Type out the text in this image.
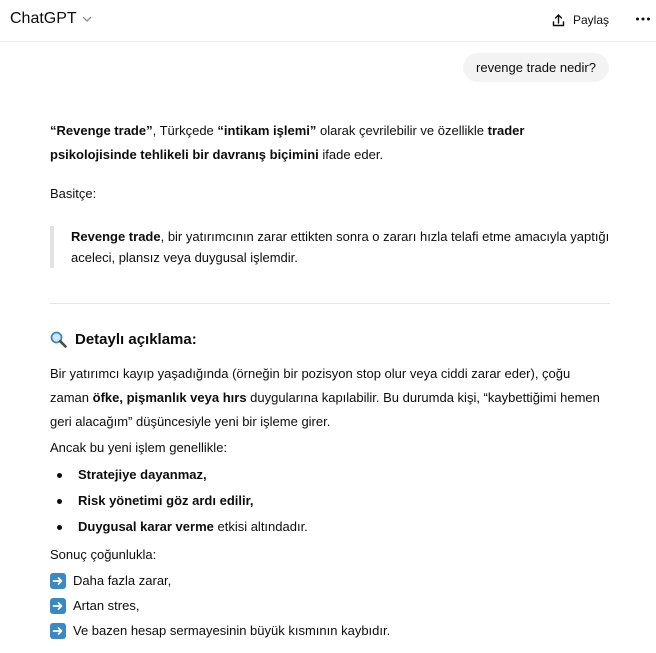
ChatGPT	Paylaş
revenge trade nedir?
“Revenge trade”, Türkçede “intikam işlemi” olarak çevrilebilir ve özellikle trader psikolojisinde tehlikeli bir davranış biçimini ifade eder.
Basitçe:
Revenge trade, bir yatırımcının zarar ettikten sonra o zararı hızla telafi etme amacıyla yaptığı aceleci, plansız veya duygusal işlemdir.
Detaylı açıklama:
Bir yatırımcı kayıp yaşadığında (örneğin bir pozisyon stop olur veya ciddi zarar eder), çoğu zaman öfke, pişmanlık veya hırs duygularına kapılabilir. Bu durumda kişi, “kaybettiğimi hemen geri alacağım” düşüncesiyle yeni bir işleme girer.
Ancak bu yeni işlem genellikle:
Stratejiye dayanmaz,
Risk yönetimi göz ardı edilir,
Duygusal karar verme etkisi altındadır.
Sonuç çoğunlukla:
Daha fazla zarar,
Artan stres,
Ve bazen hesap sermayesinin büyük kısmının kaybıdır.
